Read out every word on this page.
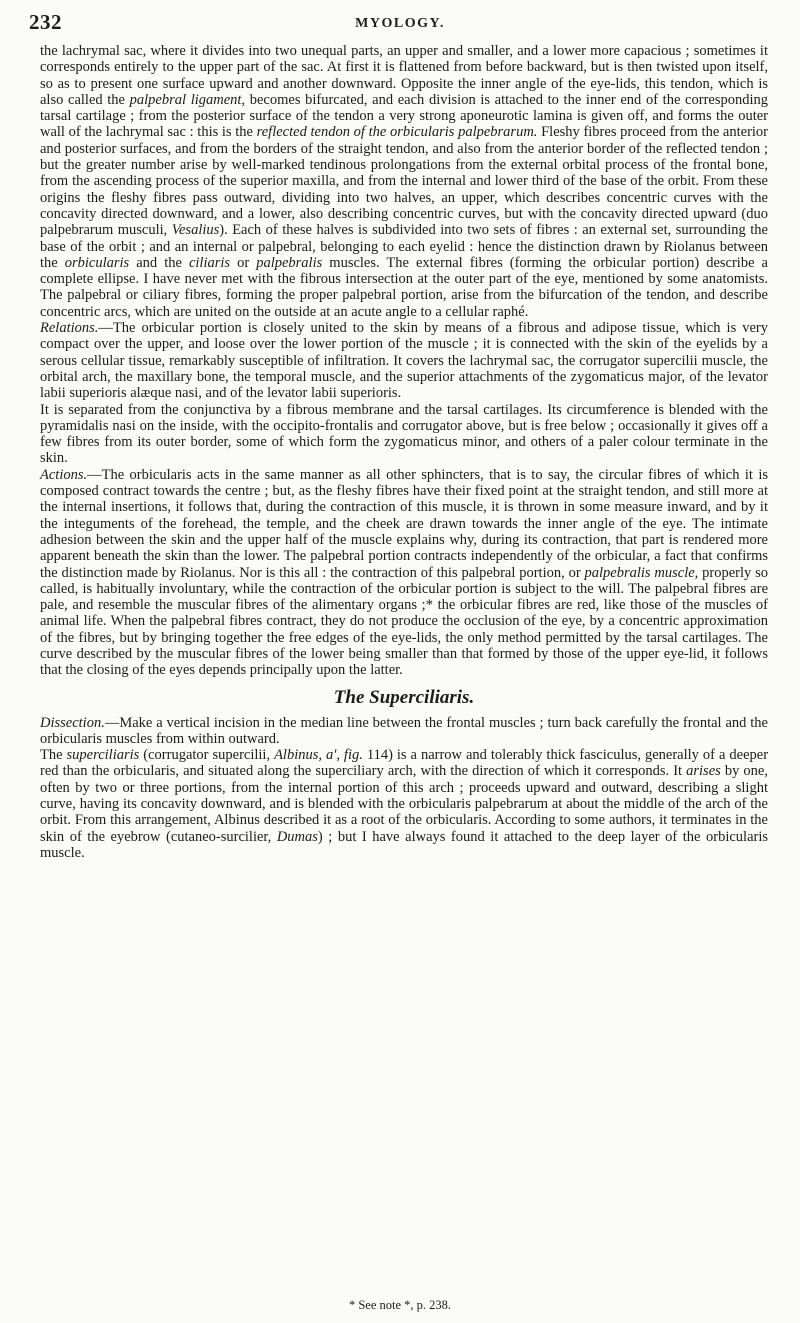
232	MYOLOGY.

the lachrymal sac, where it divides into two unequal parts, an upper and smaller, and a lower more capacious ; sometimes it corresponds entirely to the upper part of the sac. At first it is flattened from before backward, but is then twisted upon itself, so as to present one surface upward and another downward. Opposite the inner angle of the eye-lids, this tendon, which is also called the palpebral ligament, becomes bifurcated, and each division is attached to the inner end of the corresponding tarsal cartilage ; from the posterior surface of the tendon a very strong aponeurotic lamina is given off, and forms the outer wall of the lachrymal sac : this is the reflected tendon of the orbicularis palpebrarum. Fleshy fibres proceed from the anterior and posterior surfaces, and from the borders of the straight tendon, and also from the anterior border of the reflected tendon ; but the greater number arise by well-marked tendinous prolongations from the external orbital process of the frontal bone, from the ascending process of the superior maxilla, and from the internal and lower third of the base of the orbit. From these origins the fleshy fibres pass outward, dividing into two halves, an upper, which describes concentric curves with the concavity directed downward, and a lower, also describing concentric curves, but with the concavity directed upward (duo palpebrarum musculi, Vesalius). Each of these halves is subdivided into two sets of fibres : an external set, surrounding the base of the orbit ; and an internal or palpebral, belonging to each eyelid : hence the distinction drawn by Riolanus between the orbicularis and the ciliaris or palpebralis muscles. The external fibres (forming the orbicular portion) describe a complete ellipse. I have never met with the fibrous intersection at the outer part of the eye, mentioned by some anatomists. The palpebral or ciliary fibres, forming the proper palpebral portion, arise from the bifurcation of the tendon, and describe concentric arcs, which are united on the outside at an acute angle to a cellular raphé.

Relations.—The orbicular portion is closely united to the skin by means of a fibrous and adipose tissue, which is very compact over the upper, and loose over the lower portion of the muscle ; it is connected with the skin of the eyelids by a serous cellular tissue, remarkably susceptible of infiltration. It covers the lachrymal sac, the corrugator supercilii muscle, the orbital arch, the maxillary bone, the temporal muscle, and the superior attachments of the zygomaticus major, of the levator labii superioris alæque nasi, and of the levator labii superioris.

It is separated from the conjunctiva by a fibrous membrane and the tarsal cartilages. Its circumference is blended with the pyramidalis nasi on the inside, with the occipito-frontalis and corrugator above, but is free below ; occasionally it gives off a few fibres from its outer border, some of which form the zygomaticus minor, and others of a paler colour terminate in the skin.

Actions.—The orbicularis acts in the same manner as all other sphincters, that is to say, the circular fibres of which it is composed contract towards the centre ; but, as the fleshy fibres have their fixed point at the straight tendon, and still more at the internal insertions, it follows that, during the contraction of this muscle, it is thrown in some measure inward, and by it the integuments of the forehead, the temple, and the cheek are drawn towards the inner angle of the eye. The intimate adhesion between the skin and the upper half of the muscle explains why, during its contraction, that part is rendered more apparent beneath the skin than the lower. The palpebral portion contracts independently of the orbicular, a fact that confirms the distinction made by Riolanus. Nor is this all : the contraction of this palpebral portion, or palpebralis muscle, properly so called, is habitually involuntary, while the contraction of the orbicular portion is subject to the will. The palpebral fibres are pale, and resemble the muscular fibres of the alimentary organs ;* the orbicular fibres are red, like those of the muscles of animal life. When the palpebral fibres contract, they do not produce the occlusion of the eye, by a concentric approximation of the fibres, but by bringing together the free edges of the eye-lids, the only method permitted by the tarsal cartilages. The curve described by the muscular fibres of the lower being smaller than that formed by those of the upper eye-lid, it follows that the closing of the eyes depends principally upon the latter.

The Superciliaris.

Dissection.—Make a vertical incision in the median line between the frontal muscles ; turn back carefully the frontal and the orbicularis muscles from within outward.

The superciliaris (corrugator supercilii, Albinus, a', fig. 114) is a narrow and tolerably thick fasciculus, generally of a deeper red than the orbicularis, and situated along the superciliary arch, with the direction of which it corresponds. It arises by one, often by two or three portions, from the internal portion of this arch ; proceeds upward and outward, describing a slight curve, having its concavity downward, and is blended with the orbicularis palpebrarum at about the middle of the arch of the orbit. From this arrangement, Albinus described it as a root of the orbicularis. According to some authors, it terminates in the skin of the eyebrow (cutaneo-surcilier, Dumas) ; but I have always found it attached to the deep layer of the orbicularis muscle.

* See note *, p. 238.
